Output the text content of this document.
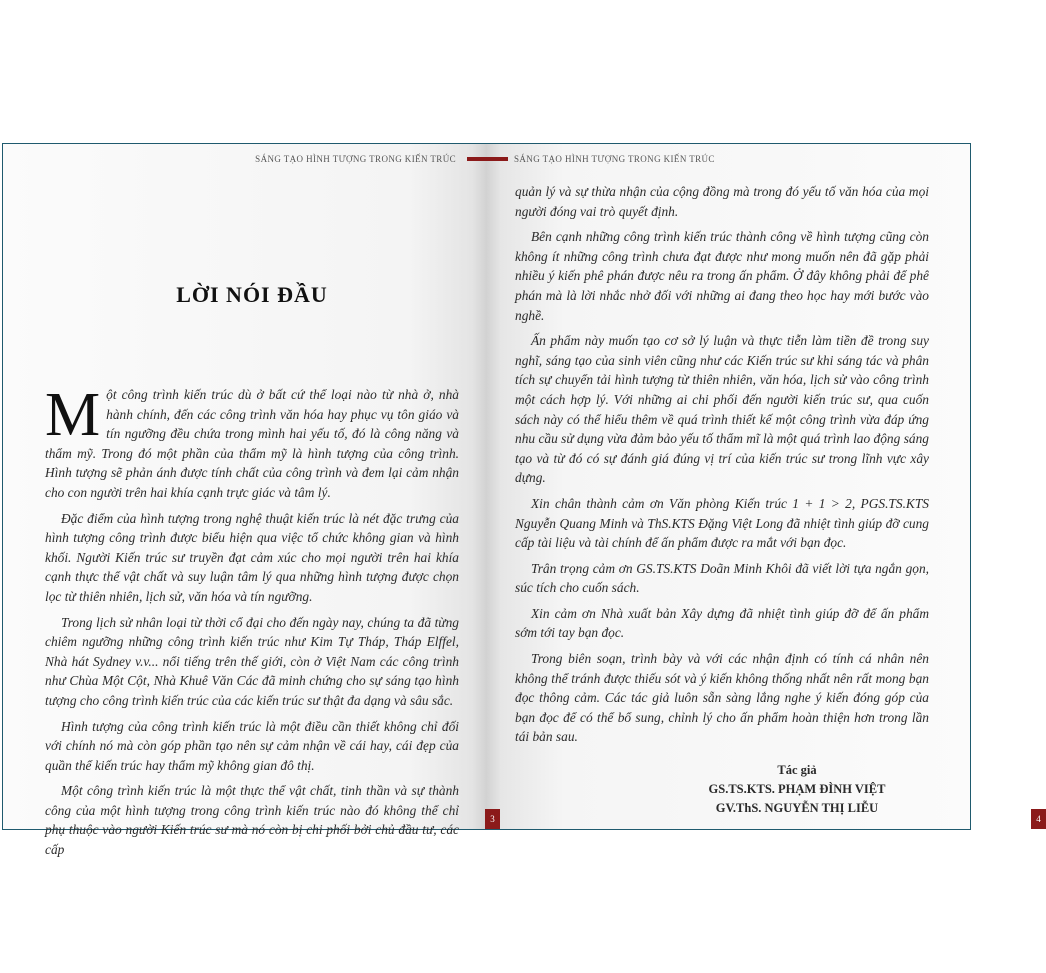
SÁNG TẠO HÌNH TƯỢNG TRONG KIẾN TRÚC	SÁNG TẠO HÌNH TƯỢNG TRONG KIẾN TRÚC
LỜI NÓI ĐẦU

Một công trình kiến trúc dù ở bất cứ thể loại nào từ nhà ở, nhà hành chính, đến các công trình văn hóa hay phục vụ tôn giáo và tín ngưỡng đều chứa trong mình hai yếu tố, đó là công năng và thẩm mỹ. Trong đó một phần của thẩm mỹ là hình tượng của công trình. Hình tượng sẽ phản ánh được tính chất của công trình và đem lại cảm nhận cho con người trên hai khía cạnh trực giác và tâm lý.

Đặc điểm của hình tượng trong nghệ thuật kiến trúc là nét đặc trưng của hình tượng công trình được biểu hiện qua việc tổ chức không gian và hình khối. Người Kiến trúc sư truyền đạt cảm xúc cho mọi người trên hai khía cạnh thực thể vật chất và suy luận tâm lý qua những hình tượng được chọn lọc từ thiên nhiên, lịch sử, văn hóa và tín ngưỡng.

Trong lịch sử nhân loại từ thời cổ đại cho đến ngày nay, chúng ta đã từng chiêm ngưỡng những công trình kiến trúc như Kim Tự Tháp, Tháp Elffel, Nhà hát Sydney v.v... nổi tiếng trên thế giới, còn ở Việt Nam các công trình như Chùa Một Cột, Nhà Khuê Văn Các đã minh chứng cho sự sáng tạo hình tượng cho công trình kiến trúc của các kiến trúc sư thật đa dạng và sâu sắc.

Hình tượng của công trình kiến trúc là một điều cần thiết không chỉ đối với chính nó mà còn góp phần tạo nên sự cảm nhận về cái hay, cái đẹp của quần thể kiến trúc hay thẩm mỹ không gian đô thị.

Một công trình kiến trúc là một thực thể vật chất, tinh thần và sự thành công của một hình tượng trong công trình kiến trúc nào đó không thể chỉ phụ thuộc vào người Kiến trúc sư mà nó còn bị chi phối bởi chủ đầu tư, các cấp

3

quản lý và sự thừa nhận của cộng đồng mà trong đó yếu tố văn hóa của mọi người đóng vai trò quyết định.

Bên cạnh những công trình kiến trúc thành công về hình tượng cũng còn không ít những công trình chưa đạt được như mong muốn nên đã gặp phải nhiều ý kiến phê phán được nêu ra trong ấn phẩm. Ở đây không phải để phê phán mà là lời nhắc nhở đối với những ai đang theo học hay mới bước vào nghề.

Ấn phẩm này muốn tạo cơ sở lý luận và thực tiễn làm tiền đề trong suy nghĩ, sáng tạo của sinh viên cũng như các Kiến trúc sư khi sáng tác và phân tích sự chuyển tải hình tượng từ thiên nhiên, văn hóa, lịch sử vào công trình một cách hợp lý. Với những ai chi phối đến người kiến trúc sư, qua cuốn sách này có thể hiểu thêm về quá trình thiết kế một công trình vừa đáp ứng nhu cầu sử dụng vừa đảm bảo yếu tố thẩm mĩ là một quá trình lao động sáng tạo và từ đó có sự đánh giá đúng vị trí của kiến trúc sư trong lĩnh vực xây dựng.

Xin chân thành cảm ơn Văn phòng Kiến trúc 1 + 1 > 2, PGS.TS.KTS Nguyễn Quang Minh và ThS.KTS Đặng Việt Long đã nhiệt tình giúp đỡ cung cấp tài liệu và tài chính để ấn phẩm được ra mắt với bạn đọc.

Trân trọng cảm ơn GS.TS.KTS Doãn Minh Khôi đã viết lời tựa ngắn gọn, súc tích cho cuốn sách.

Xin cảm ơn Nhà xuất bản Xây dựng đã nhiệt tình giúp đỡ để ấn phẩm sớm tới tay bạn đọc.

Trong biên soạn, trình bày và với các nhận định có tính cá nhân nên không thể tránh được thiếu sót và ý kiến không thống nhất nên rất mong bạn đọc thông cảm. Các tác giả luôn sẵn sàng lắng nghe ý kiến đóng góp của bạn đọc để có thể bổ sung, chỉnh lý cho ấn phẩm hoàn thiện hơn trong lần tái bản sau.

Tác giả
GS.TS.KTS. PHẠM ĐÌNH VIỆT
GV.ThS. NGUYỄN THỊ LIỄU
4
